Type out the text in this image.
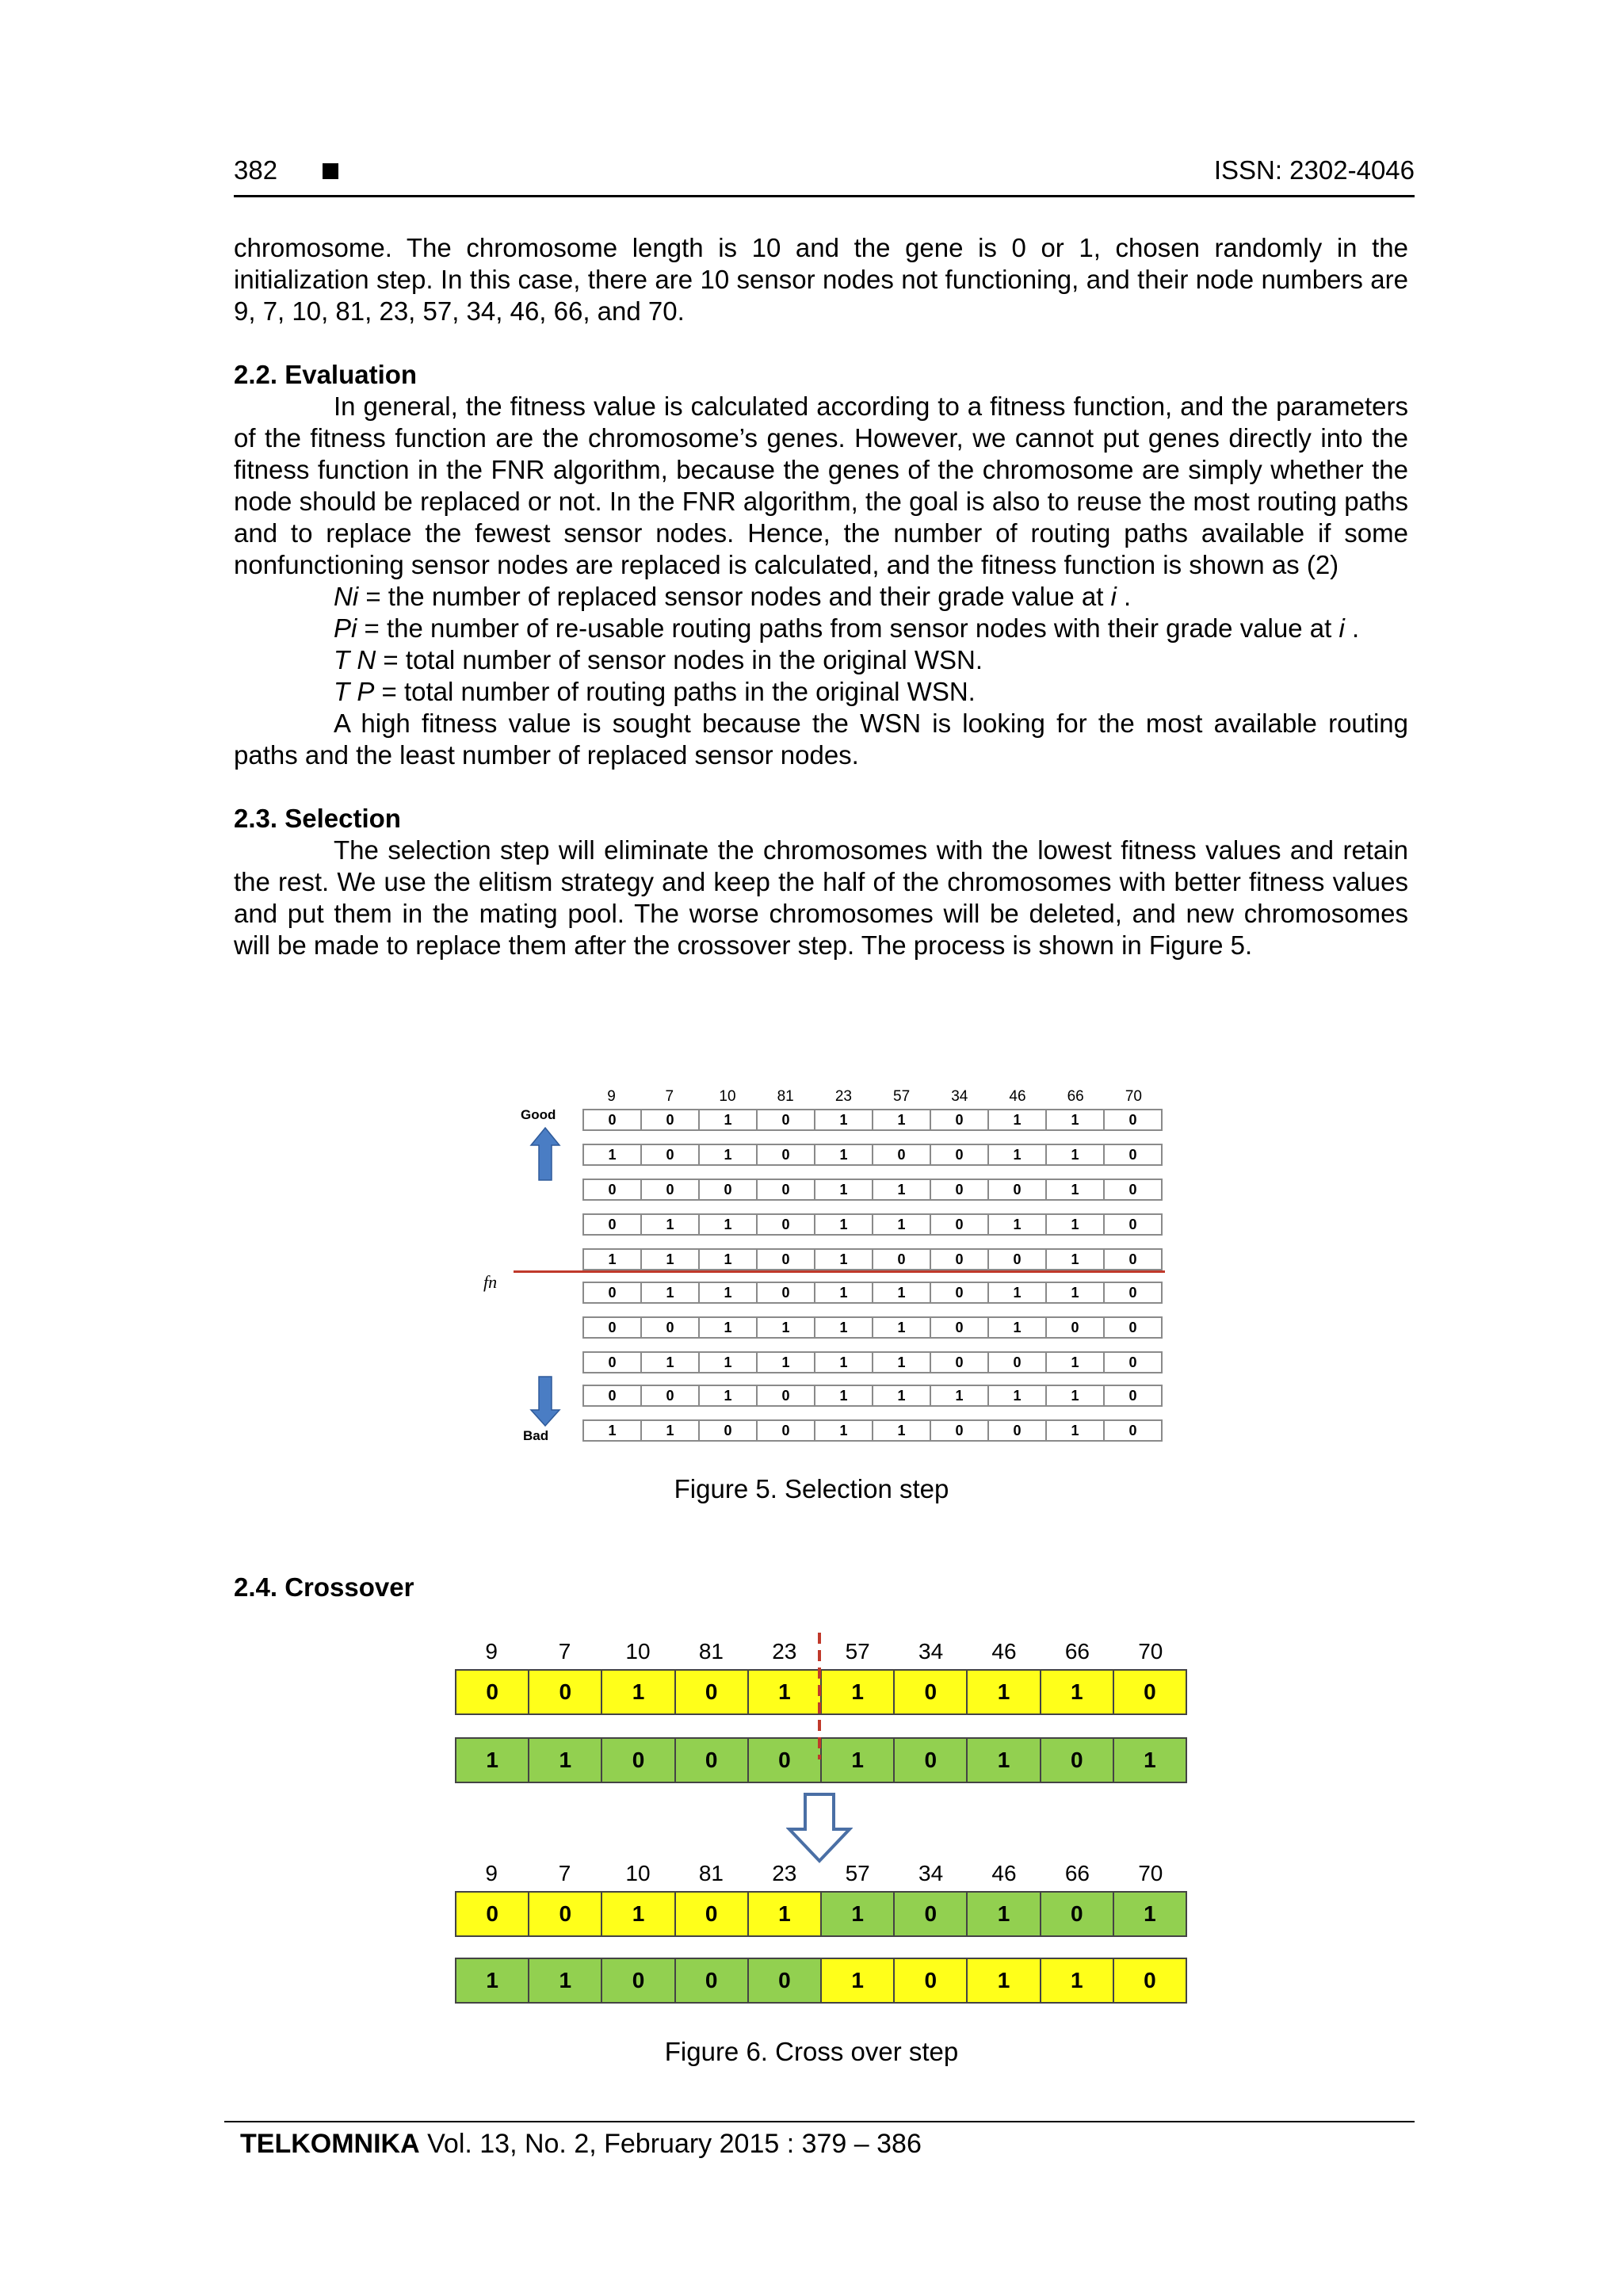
382	ISSN: 2302-4046

chromosome. The chromosome length is 10 and the gene is 0 or 1, chosen randomly in the initialization step. In this case, there are 10 sensor nodes not functioning, and their node numbers are 9, 7, 10, 81, 23, 57, 34, 46, 66, and 70.

2.2. Evaluation

In general, the fitness value is calculated according to a fitness function, and the parameters of the fitness function are the chromosome’s genes. However, we cannot put genes directly into the fitness function in the FNR algorithm, because the genes of the chromosome are simply whether the node should be replaced or not. In the FNR algorithm, the goal is also to reuse the most routing paths and to replace the fewest sensor nodes. Hence, the number of routing paths available if some nonfunctioning sensor nodes are replaced is calculated, and the fitness function is shown as (2)

Ni = the number of replaced sensor nodes and their grade value at i .

Pi = the number of re-usable routing paths from sensor nodes with their grade value at i .

T N = total number of sensor nodes in the original WSN.

T P = total number of routing paths in the original WSN.

A high fitness value is sought because the WSN is looking for the most available routing paths and the least number of replaced sensor nodes.

2.3. Selection

The selection step will eliminate the chromosomes with the lowest fitness values and retain the rest. We use the elitism strategy and keep the half of the chromosomes with better fitness values and put them in the mating pool. The worse chromosomes will be deleted, and new chromosomes will be made to replace them after the crossover step. The process is shown in Figure 5.

9	7	10	81	23	57	34	46	66	70
Good
fn
Bad
0	0	1	0	1	1	0	1	1	0
1	0	1	0	1	0	0	1	1	0
0	0	0	0	1	1	0	0	1	0
0	1	1	0	1	1	0	1	1	0
1	1	1	0	1	0	0	0	1	0
0	1	1	0	1	1	0	1	1	0
0	0	1	1	1	1	0	1	0	0
0	1	1	1	1	1	0	0	1	0
0	0	1	0	1	1	1	1	1	0
1	1	0	0	1	1	0	0	1	0
Figure 5. Selection step

2.4. Crossover

9	7 10 81 23 57 34 46 66 70
0	0	1	0	1	1	0	1	1	0
1	1	0	0	0	1	0	1	0	1
9	7 10 81 23 57 34 46 66 70
0	0	1	0	1	1	0	1	0	1
1	1	0	0	0	1	0	1	1	0
Figure 6. Cross over step
TELKOMNIKA Vol. 13, No. 2, February 2015 : 379 – 386
